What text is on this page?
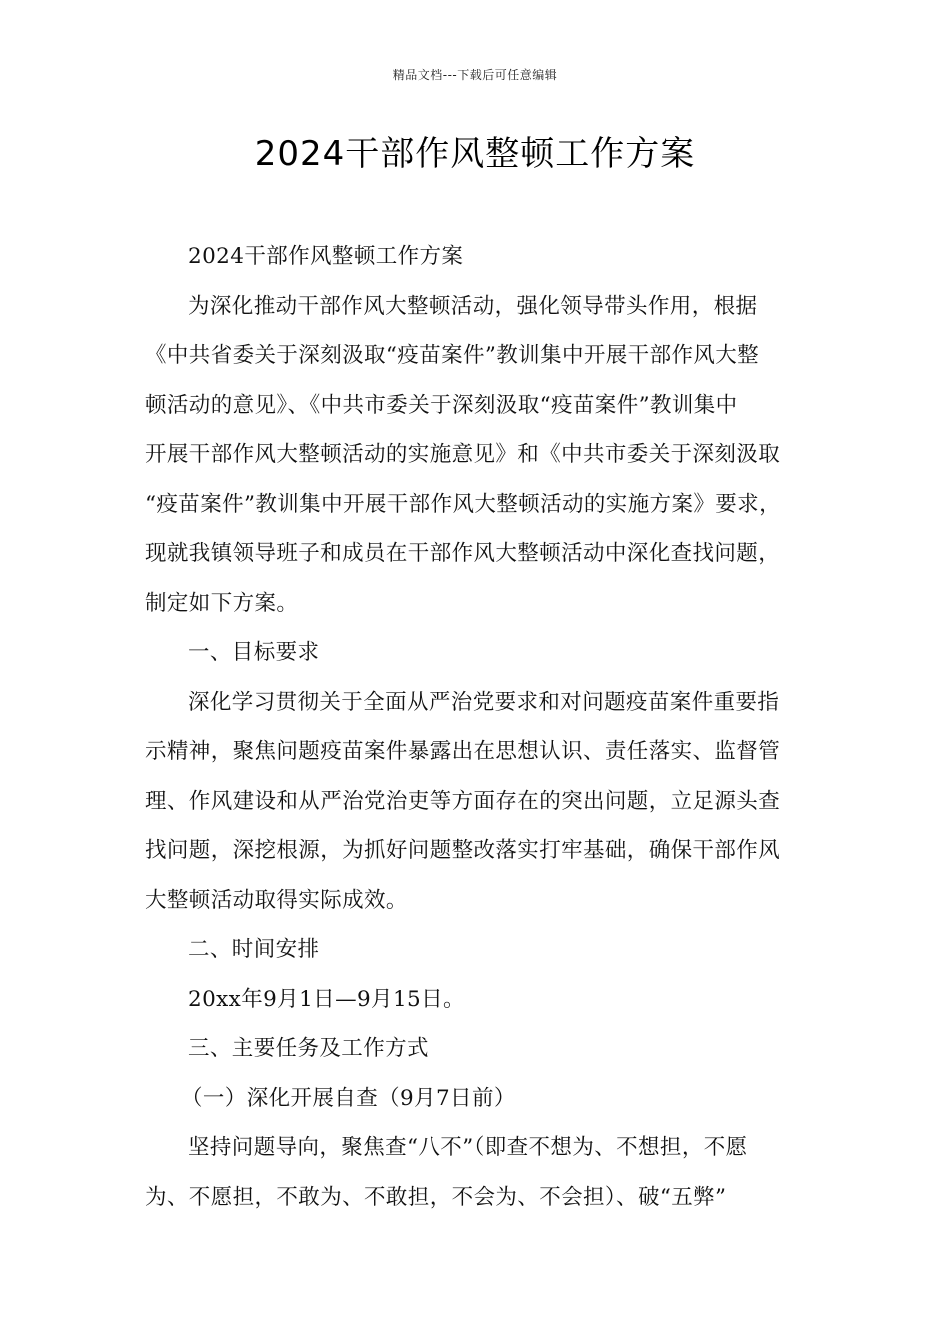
精品文档---下载后可任意编辑
2024干部作风整顿工作方案
2024干部作风整顿工作方案
为深化推动干部作风大整顿活动，强化领导带头作用，根据
《中共省委关于深刻汲取“疫苗案件”教训集中开展干部作风大整
顿活动的意见》、《中共市委关于深刻汲取“疫苗案件”教训集中
开展干部作风大整顿活动的实施意见》和《中共市委关于深刻汲取
“疫苗案件”教训集中开展干部作风大整顿活动的实施方案》要求，
现就我镇领导班子和成员在干部作风大整顿活动中深化查找问题，
制定如下方案。
一、目标要求
深化学习贯彻关于全面从严治党要求和对问题疫苗案件重要指
示精神，聚焦问题疫苗案件暴露出在思想认识、责任落实、监督管
理、作风建设和从严治党治吏等方面存在的突出问题，立足源头查
找问题，深挖根源，为抓好问题整改落实打牢基础，确保干部作风
大整顿活动取得实际成效。
二、时间安排
20xx年9月1日—9月15日。
三、主要任务及工作方式
（一）深化开展自查（9月7日前）
坚持问题导向，聚焦查“八不”（即查不想为、不想担，不愿
为、不愿担，不敢为、不敢担，不会为、不会担）、破“五弊”
